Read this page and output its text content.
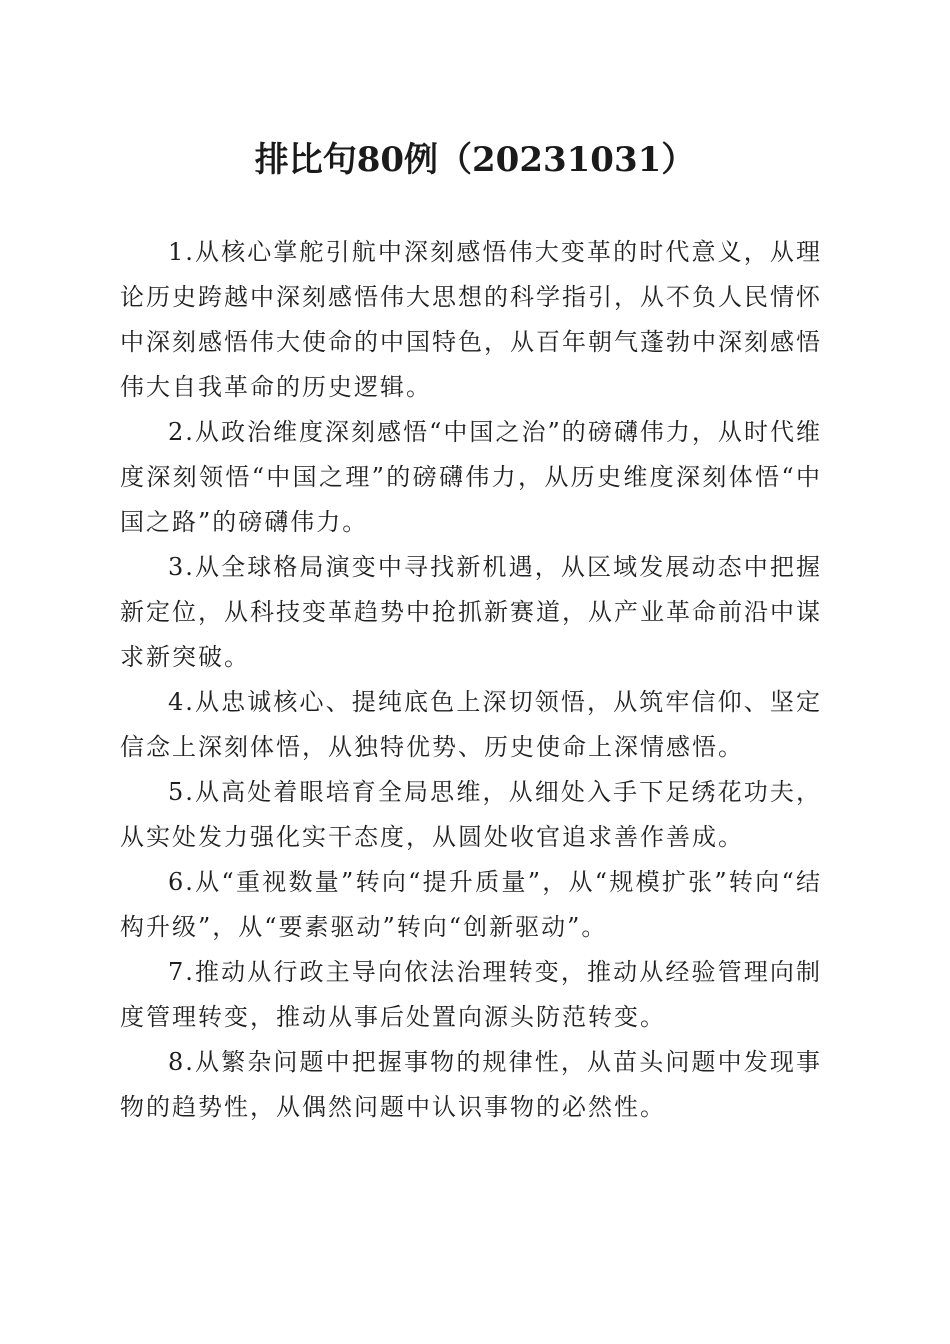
排比句80例（20231031）

1.从核心掌舵引航中深刻感悟伟大变革的时代意义，从理论历史跨越中深刻感悟伟大思想的科学指引，从不负人民情怀中深刻感悟伟大使命的中国特色，从百年朝气蓬勃中深刻感悟伟大自我革命的历史逻辑。

2.从政治维度深刻感悟“中国之治”的磅礴伟力，从时代维度深刻领悟“中国之理”的磅礴伟力，从历史维度深刻体悟“中国之路”的磅礴伟力。

3.从全球格局演变中寻找新机遇，从区域发展动态中把握新定位，从科技变革趋势中抢抓新赛道，从产业革命前沿中谋求新突破。

4.从忠诚核心、提纯底色上深切领悟，从筑牢信仰、坚定信念上深刻体悟，从独特优势、历史使命上深情感悟。

5.从高处着眼培育全局思维，从细处入手下足绣花功夫，从实处发力强化实干态度，从圆处收官追求善作善成。

6.从“重视数量”转向“提升质量”，从“规模扩张”转向“结构升级”，从“要素驱动”转向“创新驱动”。

7.推动从行政主导向依法治理转变，推动从经验管理向制度管理转变，推动从事后处置向源头防范转变。

8.从繁杂问题中把握事物的规律性，从苗头问题中发现事物的趋势性，从偶然问题中认识事物的必然性。
